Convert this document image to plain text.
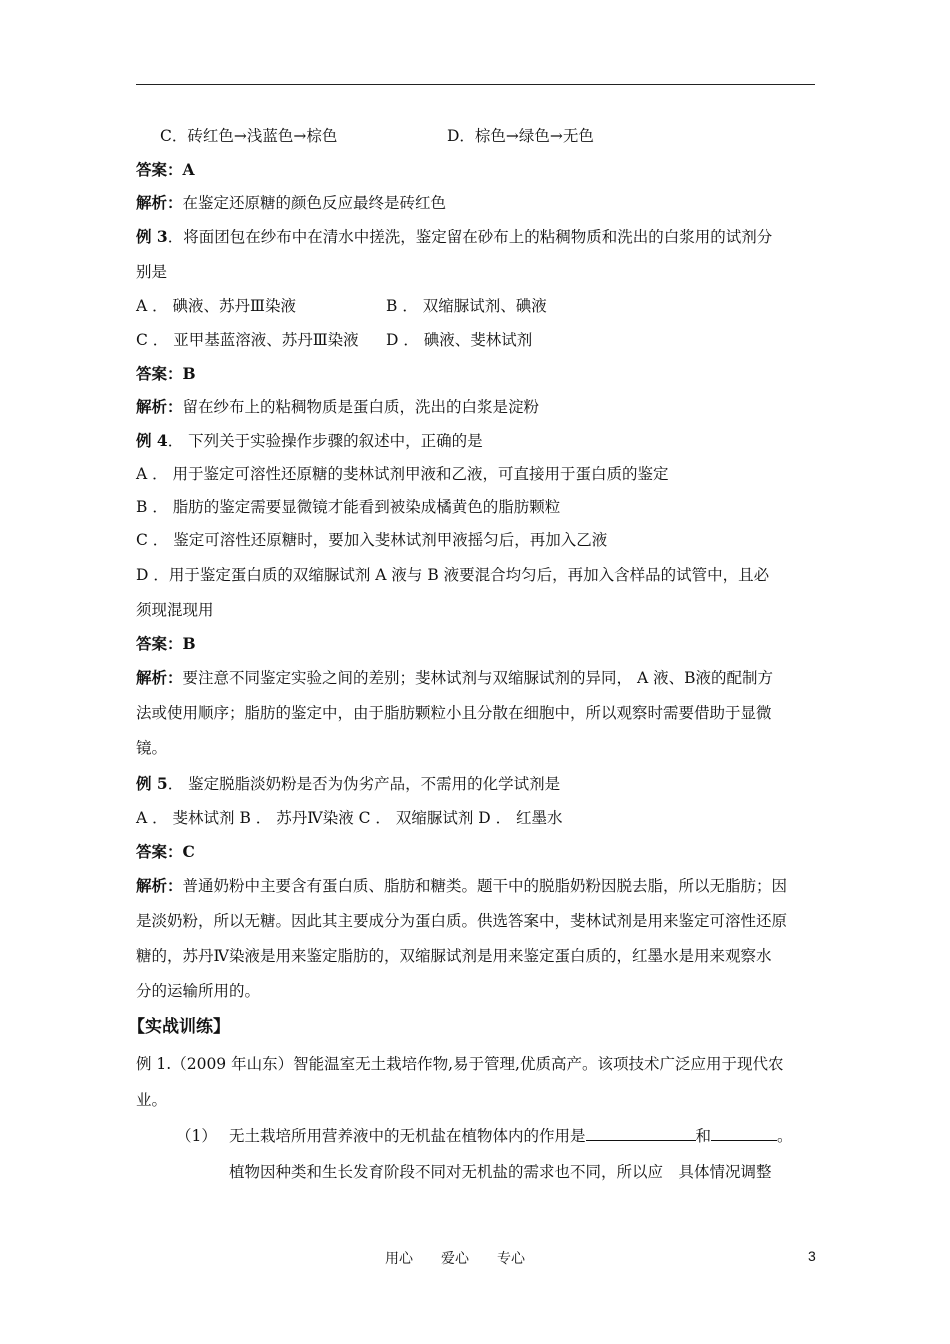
C．砖红色→浅蓝色→棕色	D．棕色→绿色→无色
答案：A
解析：在鉴定还原糖的颜色反应最终是砖红色
例 3．将面团包在纱布中在清水中搓洗，鉴定留在砂布上的粘稠物质和洗出的白浆用的试剂分
别是
A ． 碘液、苏丹Ⅲ染液	B ． 双缩脲试剂、碘液
C ． 亚甲基蓝溶液、苏丹Ⅲ染液 D ． 碘液、斐林试剂
答案：B
解析：留在纱布上的粘稠物质是蛋白质，洗出的白浆是淀粉
例 4． 下列关于实验操作步骤的叙述中，正确的是
A ． 用于鉴定可溶性还原糖的斐林试剂甲液和乙液，可直接用于蛋白质的鉴定
B ． 脂肪的鉴定需要显微镜才能看到被染成橘黄色的脂肪颗粒
C ． 鉴定可溶性还原糖时，要加入斐林试剂甲液摇匀后，再加入乙液
D ．用于鉴定蛋白质的双缩脲试剂 A 液与 B 液要混合均匀后，再加入含样品的试管中，且必
须现混现用
答案：B
解析：要注意不同鉴定实验之间的差别；斐林试剂与双缩脲试剂的异同， A 液、B液的配制方
法或使用顺序；脂肪的鉴定中，由于脂肪颗粒小且分散在细胞中，所以观察时需要借助于显微
镜。
例 5． 鉴定脱脂淡奶粉是否为伪劣产品，不需用的化学试剂是
A ． 斐林试剂 B ． 苏丹Ⅳ染液 C ． 双缩脲试剂 D ． 红墨水
答案：C
解析：普通奶粉中主要含有蛋白质、脂肪和糖类。题干中的脱脂奶粉因脱去脂，所以无脂肪；因
是淡奶粉，所以无糖。因此其主要成分为蛋白质。供选答案中，斐林试剂是用来鉴定可溶性还原
糖的，苏丹Ⅳ染液是用来鉴定脂肪的，双缩脲试剂是用来鉴定蛋白质的，红墨水是用来观察水
分的运输所用的。
【实战训练】
例 1.（2009 年山东）智能温室无土栽培作物,易于管理,优质高产。该项技术广泛应用于现代农
业。
（1） 无土栽培所用营养液中的无机盐在植物体内的作用是	和	。
植物因种类和生长发育阶段不同对无机盐的需求也不同，所以应　具体情况调整
用心 爱心 专心	3
